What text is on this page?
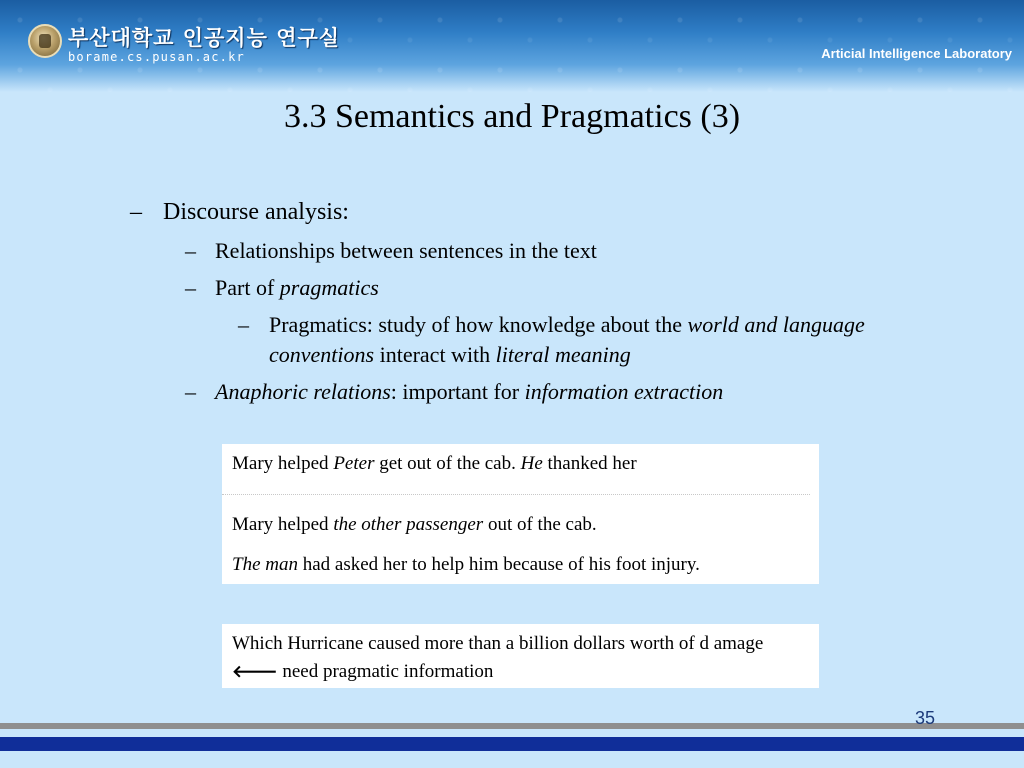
부산대학교 인공지능 연구실
borame.cs.pusan.ac.kr	Articial Intelligence Laboratory
3.3 Semantics and Pragmatics (3)
– Discourse analysis:
– Relationships between sentences in the text
– Part of pragmatics
– Pragmatics: study of how knowledge about the world and language
conventions interact with literal meaning
– Anaphoric relations: important for information extraction
Mary helped Peter get out of the cab. He thanked her
Mary helped the other passenger out of the cab.
The man had asked her to help him because of his foot injury.
Which Hurricane caused more than a billion dollars worth of d amage 🡐 need pragmatic information
35
